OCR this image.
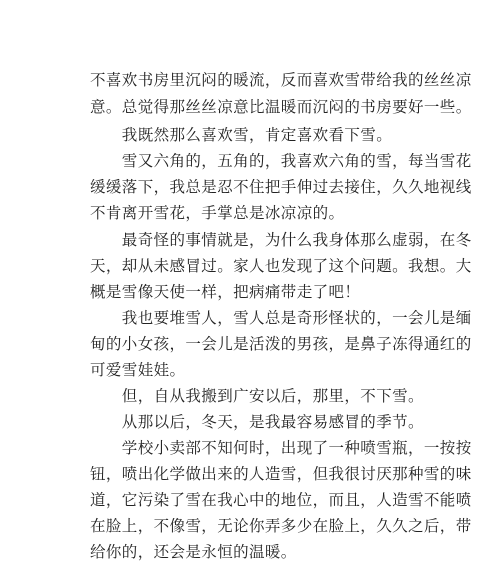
不喜欢书房里沉闷的暖流，反而喜欢雪带给我的丝丝凉
意。总觉得那丝丝凉意比温暖而沉闷的书房要好一些。
　　我既然那么喜欢雪，肯定喜欢看下雪。
　　雪又六角的，五角的，我喜欢六角的雪，每当雪花
缓缓落下，我总是忍不住把手伸过去接住，久久地视线
不肯离开雪花，手掌总是冰凉凉的。
　　最奇怪的事情就是，为什么我身体那么虚弱，在冬
天，却从未感冒过。家人也发现了这个问题。我想。大
概是雪像天使一样，把病痛带走了吧！
　　我也要堆雪人，雪人总是奇形怪状的，一会儿是缅
甸的小女孩，一会儿是活泼的男孩，是鼻子冻得通红的
可爱雪娃娃。
　　但，自从我搬到广安以后，那里，不下雪。
　　从那以后，冬天，是我最容易感冒的季节。
　　学校小卖部不知何时，出现了一种喷雪瓶，一按按
钮，喷出化学做出来的人造雪，但我很讨厌那种雪的味
道，它污染了雪在我心中的地位，而且，人造雪不能喷
在脸上，不像雪，无论你弄多少在脸上，久久之后，带
给你的，还会是永恒的温暖。
